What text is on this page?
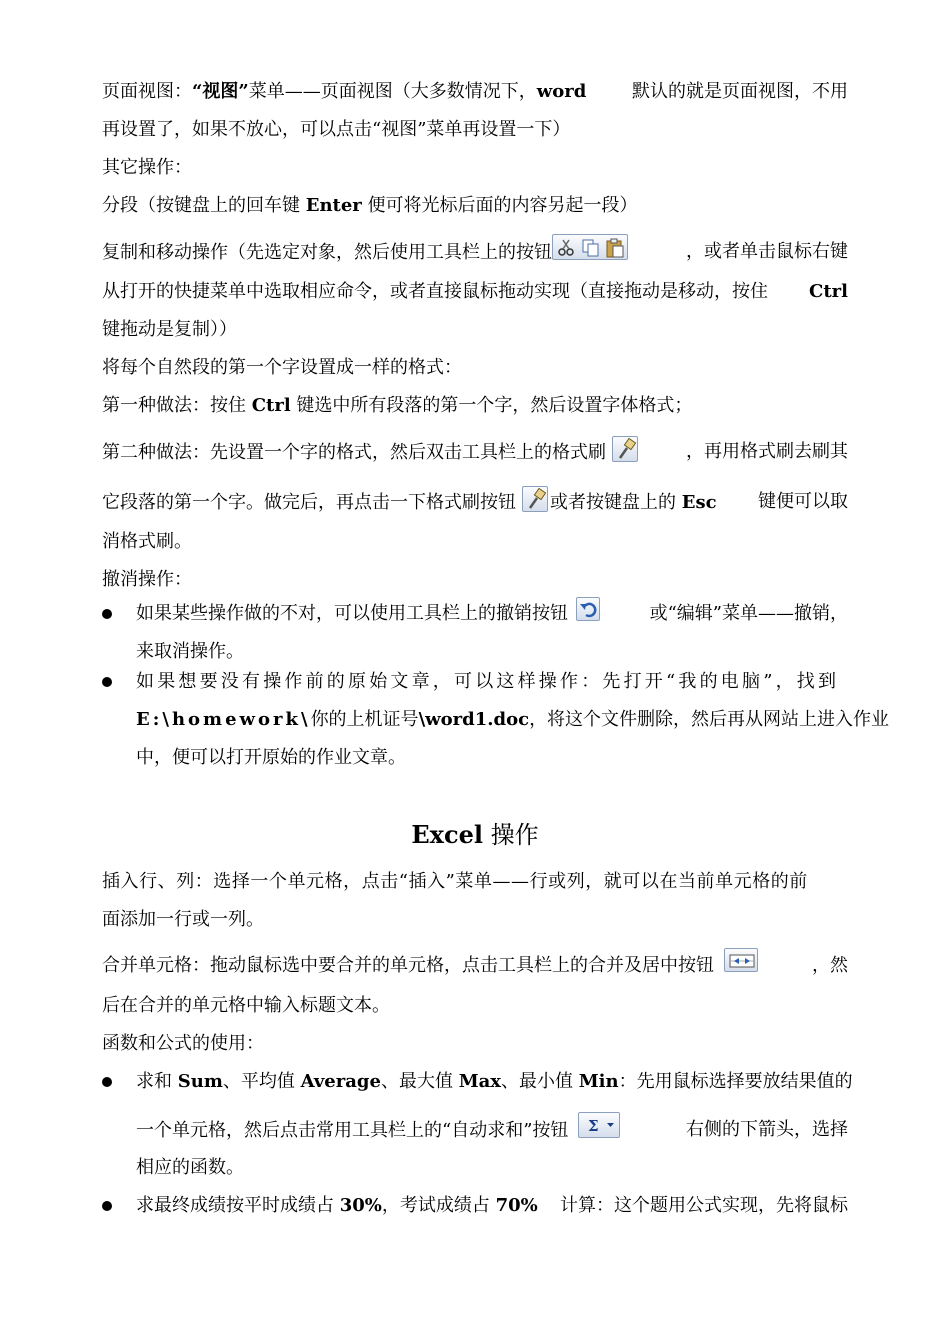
页面视图：“视图”菜单——页面视图（大多数情况下，word	默认的就是页面视图，不用
再设置了，如果不放心，可以点击“视图”菜单再设置一下）
其它操作：
分段（按键盘上的回车键 Enter 便可将光标后面的内容另起一段）
复制和移动操作（先选定对象，然后使用工具栏上的按钮	，或者单击鼠标右键
从打开的快捷菜单中选取相应命令，或者直接鼠标拖动实现（直接拖动是移动，按住 Ctrl
键拖动是复制））
将每个自然段的第一个字设置成一样的格式：
第一种做法：按住 Ctrl 键选中所有段落的第一个字，然后设置字体格式；
第二种做法：先设置一个字的格式，然后双击工具栏上的格式刷	，再用格式刷去刷其
它段落的第一个字。做完后，再点击一下格式刷按钮 或者按键盘上的 Esc 键便可以取
消格式刷。
撤消操作：
如果某些操作做的不对，可以使用工具栏上的撤销按钮	或“编辑”菜单——撤销，
来取消操作。
如果想要没有操作前的原始文章，可以这样操作：先打开“我的电脑”，找到
E:\homework\你的上机证号\word1.doc ，将这个文件删除，然后再从网站上进入作业
中，便可以打开原始的作业文章。
Excel 操作
插入行、列：选择一个单元格，点击“插入”菜单——行或列，就可以在当前单元格的前
面添加一行或一列。
合并单元格：拖动鼠标选中要合并的单元格，点击工具栏上的合并及居中按钮	，然
后在合并的单元格中输入标题文本。
函数和公式的使用：
求和 Sum、平均值 Average、最大值 Max、最小值 Min ：先用鼠标选择要放结果值的
一个单元格，然后点击常用工具栏上的“自动求和”按钮 Σ	右侧的下箭头，选择
相应的函数。
求最终成绩按平时成绩占 30%，考试成绩占 70% 计算：这个题用公式实现，先将鼠标
